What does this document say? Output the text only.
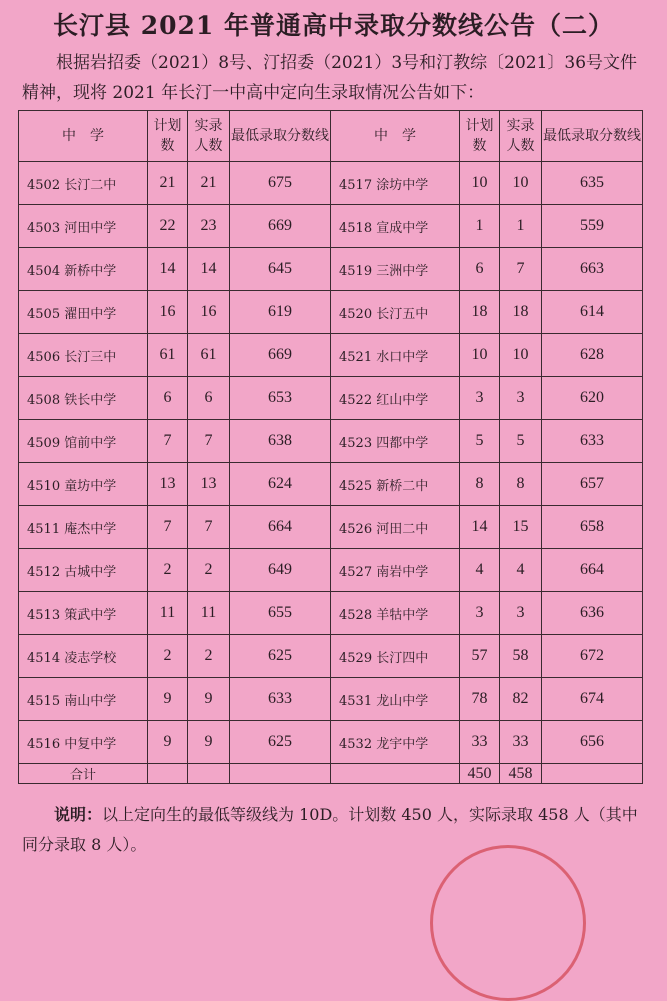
长汀县 2021 年普通高中录取分数线公告（二）
根据岩招委（2021）8号、汀招委（2021）3号和汀教综〔2021〕36号文件精神，现将 2021 年长汀一中高中定向生录取情况公告如下：
中　学	计划数	实录人数	最低录取分数线	中　学	计划数	实录人数	最低录取分数线
4502 长汀二中	21	21	675	4517 涂坊中学	10	10	635
4503 河田中学	22	23	669	4518 宣成中学	1	1	559
4504 新桥中学	14	14	645	4519 三洲中学	6	7	663
4505 濯田中学	16	16	619	4520 长汀五中	18	18	614
4506 长汀三中	61	61	669	4521 水口中学	10	10	628
4508 铁长中学	6	6	653	4522 红山中学	3	3	620
4509 馆前中学	7	7	638	4523 四都中学	5	5	633
4510 童坊中学	13	13	624	4525 新桥二中	8	8	657
4511 庵杰中学	7	7	664	4526 河田二中	14	15	658
4512 古城中学	2	2	649	4527 南岩中学	4	4	664
4513 策武中学	11	11	655	4528 羊牯中学	3	3	636
4514 凌志学校	2	2	625	4529 长汀四中	57	58	672
4515 南山中学	9	9	633	4531 龙山中学	78	82	674
4516 中复中学	9	9	625	4532 龙宇中学	33	33	656
合计					450	458	
说明：以上定向生的最低等级线为 10D。计划数 450 人，实际录取 458 人（其中同分录取 8 人）。
